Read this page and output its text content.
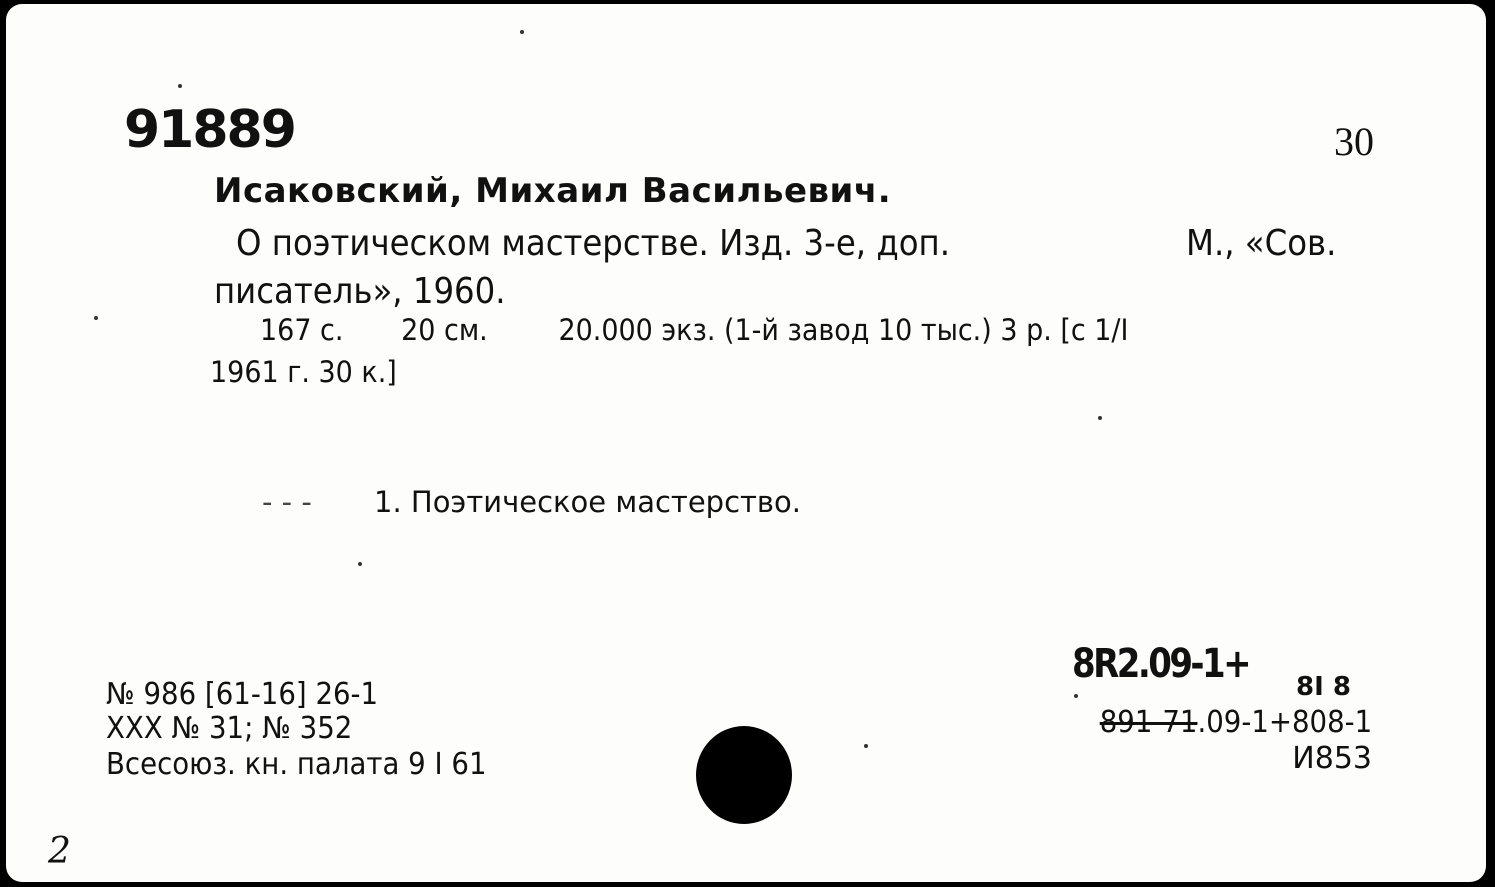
91889	30
Исаковский, Михаил Васильевич.
О поэтическом мастерстве. Изд. 3-е, доп.	М., «Сов.
писатель», 1960.
167 с. 20 см. 20.000 экз. (1-й завод 10 тыс.) 3 р. [с 1/I
1961 г. 30 к.]
- - - 1. Поэтическое мастерство.
№ 986 [61-16] 26-1
XXX № 31; № 352
Всесоюз. кн. палата 9 I 61
8R2.09-1+ 8I 8
891-71.09-1+808-1
И853
2
